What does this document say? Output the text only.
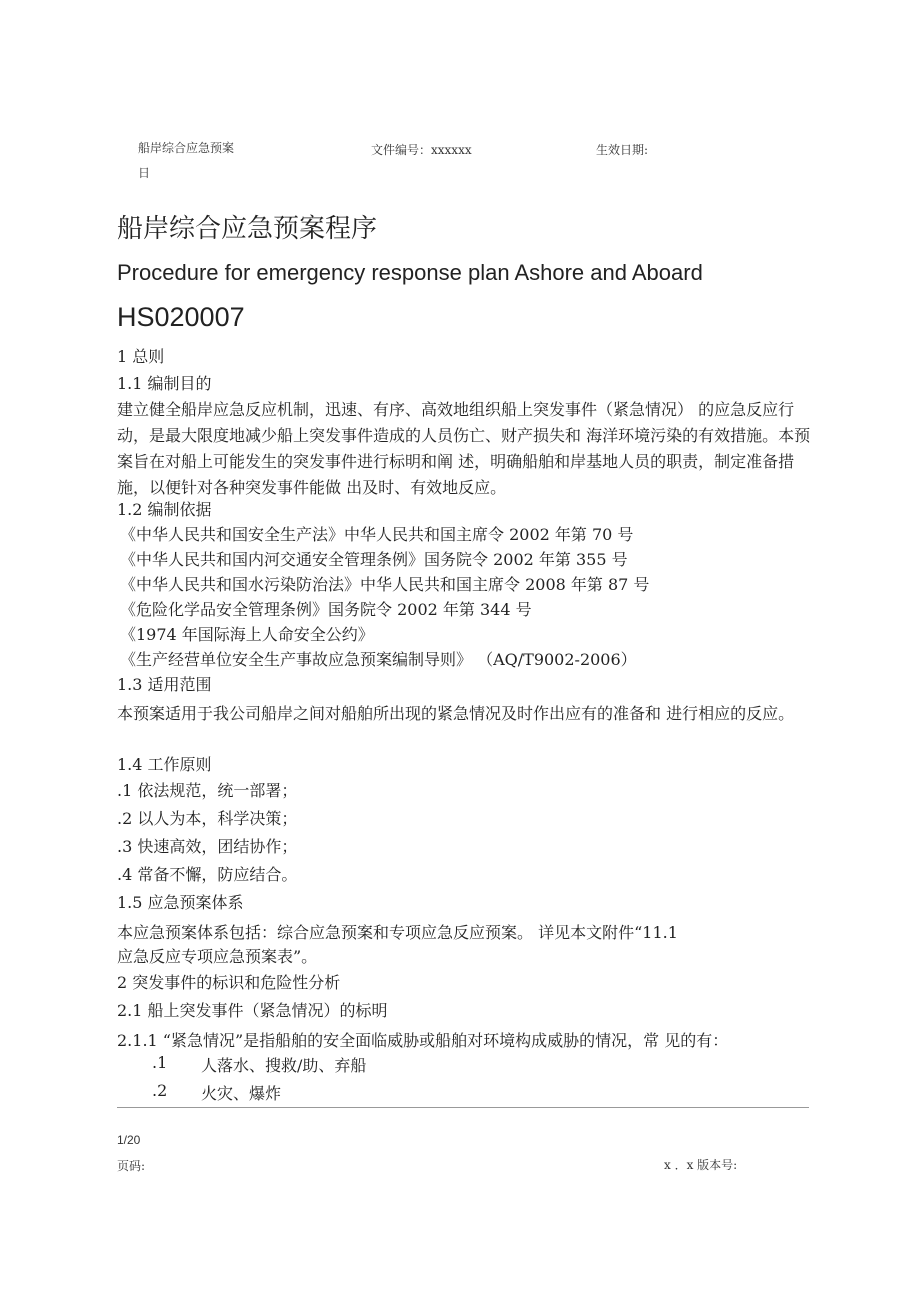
船岸综合应急预案	文件编号：xxxxxx	生效日期:
日
船岸综合应急预案程序
Procedure for emergency response plan Ashore and Aboard
HS020007
1 总则
1.1 编制目的
建立健全船岸应急反应机制，迅速、有序、高效地组织船上突发事件（紧急情况） 的应急反应行动，是最大限度地减少船上突发事件造成的人员伤亡、财产损失和 海洋环境污染的有效措施。本预案旨在对船上可能发生的突发事件进行标明和阐 述，明确船舶和岸基地人员的职责，制定准备措施，以便针对各种突发事件能做 出及时、有效地反应。
1.2 编制依据
《中华人民共和国安全生产法》中华人民共和国主席令 2002 年第 70 号
《中华人民共和国内河交通安全管理条例》国务院令 2002 年第 355 号
《中华人民共和国水污染防治法》中华人民共和国主席令 2008 年第 87 号
《危险化学品安全管理条例》国务院令 2002 年第 344 号
《1974 年国际海上人命安全公约》
《生产经营单位安全生产事故应急预案编制导则》 （AQ/T9002-2006）
1.3 适用范围
本预案适用于我公司船岸之间对船舶所出现的紧急情况及时作出应有的准备和 进行相应的反应。
1.4 工作原则
.1 依法规范，统一部署；
.2 以人为本，科学决策；
.3 快速高效，团结协作；
.4 常备不懈，防应结合。
1.5 应急预案体系
本应急预案体系包括：综合应急预案和专项应急反应预案。 详见本文附件“11.1
应急反应专项应急预案表”。
2 突发事件的标识和危险性分析
2.1 船上突发事件（紧急情况）的标明
2.1.1 “紧急情况”是指船舶的安全面临威胁或船舶对环境构成威胁的情况，常 见的有：
.1 人落水、搜救/助、弃船
.2 火灾、爆炸
1/20
页码:	x ．x 版本号:
